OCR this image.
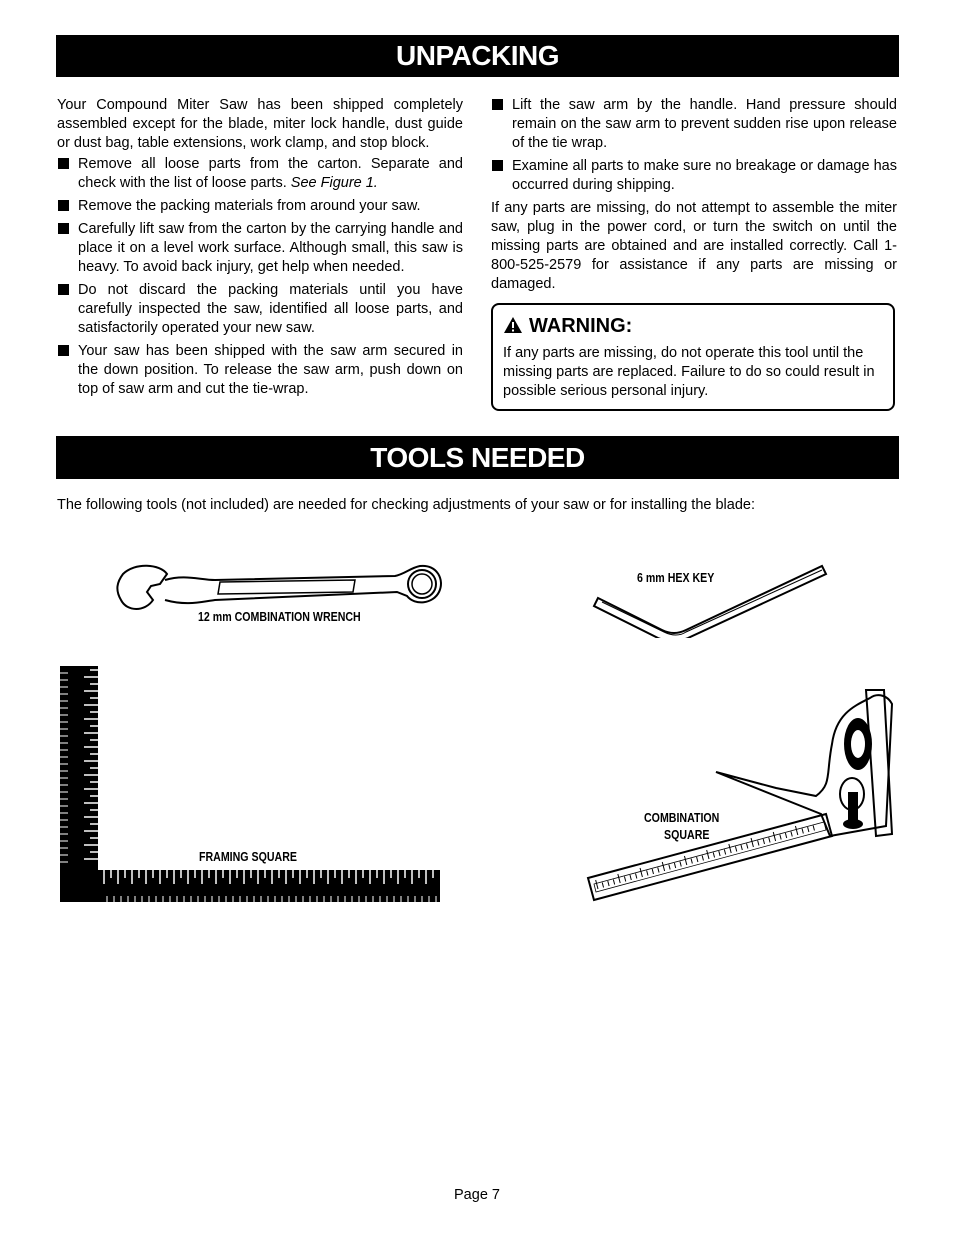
UNPACKING

Your Compound Miter Saw has been shipped completely assembled except for the blade, miter lock handle, dust guide or dust bag, table extensions, work clamp, and stop block.

Remove all loose parts from the carton. Separate and check with the list of loose parts. See Figure 1.
Remove the packing materials from around your saw.
Carefully lift saw from the carton by the carrying handle and place it on a level work surface. Although small, this saw is heavy. To avoid back injury, get help when needed.
Do not discard the packing materials until you have carefully inspected the saw, identified all loose parts, and satisfactorily operated your new saw.
Your saw has been shipped with the saw arm secured in the down position. To release the saw arm, push down on top of saw arm and cut the tie-wrap.
Lift the saw arm by the handle. Hand pressure should remain on the saw arm to prevent sudden rise upon release of the tie wrap.
Examine all parts to make sure no breakage or damage has occurred during shipping.

If any parts are missing, do not attempt to assemble the miter saw, plug in the power cord, or turn the switch on until the missing parts are obtained and are installed correctly. Call 1-800-525-2579 for assistance if any parts are missing or damaged.

WARNING:
If any parts are missing, do not operate this tool until the missing parts are replaced. Failure to do so could result in possible serious personal injury.
TOOLS NEEDED
The following tools (not included) are needed for checking adjustments of your saw or for installing the blade:
12 mm COMBINATION WRENCH
6 mm HEX KEY
FRAMING SQUARE
COMBINATION
SQUARE
Page 7
